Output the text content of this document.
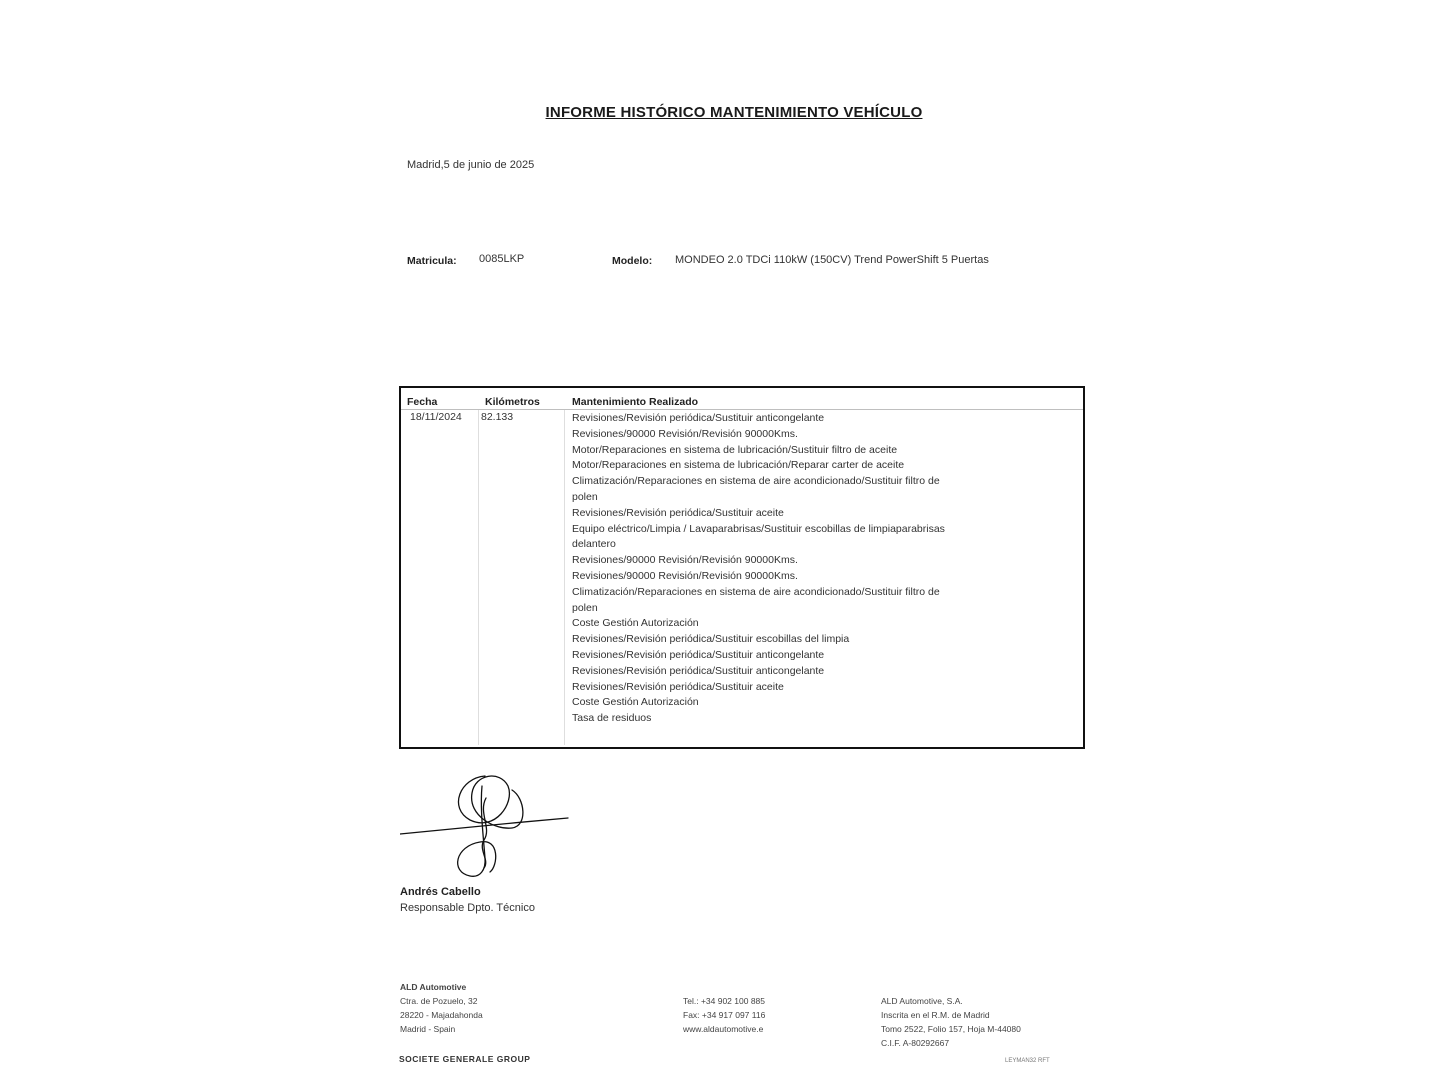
INFORME HISTÓRICO MANTENIMIENTO VEHÍCULO
Madrid,5 de junio de 2025
Matricula: 0085LKP	Modelo: MONDEO 2.0 TDCi 110kW (150CV) Trend PowerShift 5 Puertas
Fecha	Kilómetros	Mantenimiento Realizado
18/11/2024 82.133	Revisiones/Revisión periódica/Sustituir anticongelante
Revisiones/90000 Revisión/Revisión 90000Kms.
Motor/Reparaciones en sistema de lubricación/Sustituir filtro de aceite
Motor/Reparaciones en sistema de lubricación/Reparar carter de aceite
Climatización/Reparaciones en sistema de aire acondicionado/Sustituir filtro de
polen
Revisiones/Revisión periódica/Sustituir aceite
Equipo eléctrico/Limpia / Lavaparabrisas/Sustituir escobillas de limpiaparabrisas
delantero
Revisiones/90000 Revisión/Revisión 90000Kms.
Revisiones/90000 Revisión/Revisión 90000Kms.
Climatización/Reparaciones en sistema de aire acondicionado/Sustituir filtro de
polen
Coste Gestión Autorización
Revisiones/Revisión periódica/Sustituir escobillas del limpia
Revisiones/Revisión periódica/Sustituir anticongelante
Revisiones/Revisión periódica/Sustituir anticongelante
Revisiones/Revisión periódica/Sustituir aceite
Coste Gestión Autorización
Tasa de residuos
Andrés Cabello
Responsable Dpto. Técnico
ALD Automotive
Ctra. de Pozuelo, 32
28220 - Majadahonda
Madrid - Spain
Tel.: +34 902 100 885
Fax: +34 917 097 116
www.aldautomotive.e
ALD Automotive, S.A.
Inscrita en el R.M. de Madrid
Tomo 2522, Folio 157, Hoja M-44080
C.I.F. A-80292667
SOCIETE GENERALE GROUP	LEYMAN32 RFT
